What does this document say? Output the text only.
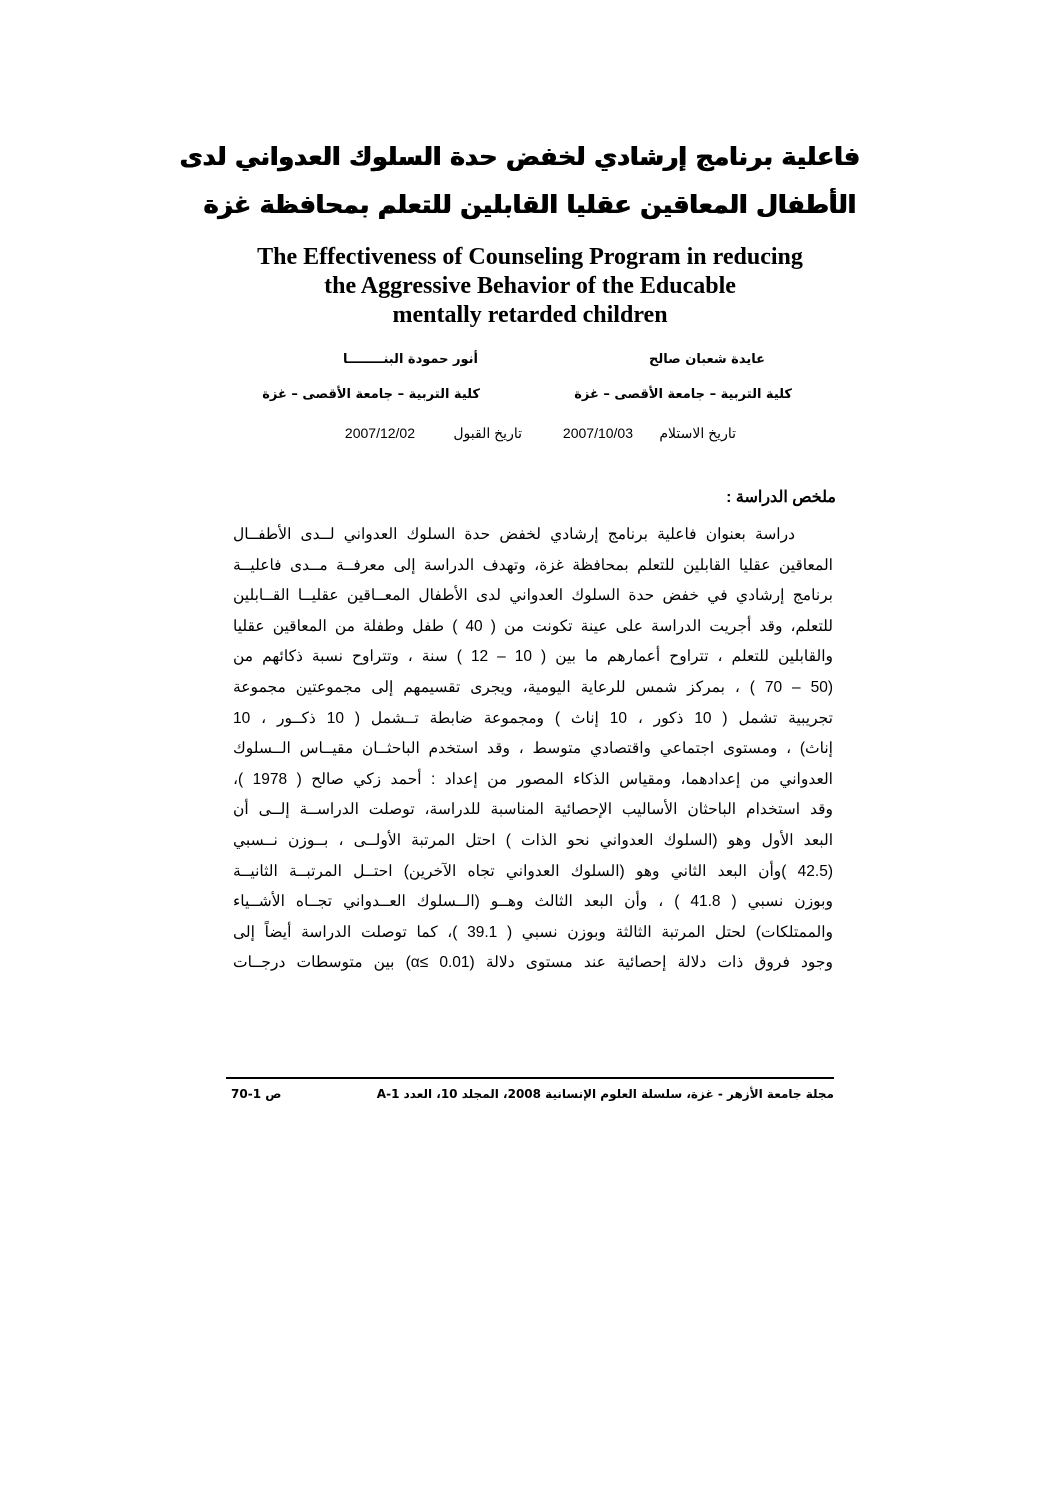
فاعلية برنامج إرشادي لخفض حدة السلوك العدواني لدى
الأطفال المعاقين عقليا القابلين للتعلم بمحافظة غزة
The Effectiveness of Counseling Program in reducing
the Aggressive Behavior of the Educable
mentally retarded children
عايدة شعبان صالح
أنور حمودة البنــــــــا
كلية التربية – جامعة الأقصى – غزة
كلية التربية – جامعة الأقصى – غزة
تاريخ الاستلام
2007/10/03
تاريخ القبول
2007/12/02
ملخص الدراسة :
دراسة بعنوان فاعلية برنامج إرشادي لخفض حدة السلوك العدواني لــدى الأطفــال
المعاقين عقليا القابلين للتعلم بمحافظة غزة، وتهدف الدراسة إلى معرفــة مــدى فاعليــة
برنامج إرشادي في خفض حدة السلوك العدواني لدى الأطفال المعــاقين عقليــا القــابلين
للتعلم، وقد أجريت الدراسة على عينة تكونت من ( 40 ) طفل وطفلة من المعاقين عقليا
والقابلين للتعلم ، تتراوح أعمارهم ما بين ( 10 – 12 ) سنة ، وتتراوح نسبة ذكائهم من
(50 – 70 ) ، بمركز شمس للرعاية اليومية، ويجرى تقسيمهم إلى مجموعتين مجموعة
تجريبية تشمل ( 10 ذكور ، 10 إناث ) ومجموعة ضابطة تــشمل ( 10 ذكــور ، 10
إناث) ، ومستوى اجتماعي واقتصادي متوسط ، وقد استخدم الباحثــان مقيــاس الــسلوك
العدواني من إعدادهما، ومقياس الذكاء المصور من إعداد : أحمد زكي صالح ( 1978 )،
وقد استخدام الباحثان الأساليب الإحصائية المناسبة للدراسة، توصلت الدراســة إلــى أن
البعد الأول وهو (السلوك العدواني نحو الذات ) احتل المرتبة الأولــى ، بــوزن نــسبي
(42.5 )وأن البعد الثاني وهو (السلوك العدواني تجاه الآخرين) احتــل المرتبــة الثانيــة
وبوزن نسبي ( 41.8 ) ، وأن البعد الثالث وهــو (الــسلوك العــدواني تجــاه الأشــياء
والممتلكات) لحتل المرتبة الثالثة وبوزن نسبي ( 39.1 )، كما توصلت الدراسة أيضاً إلى
وجود فروق ذات دلالة إحصائية عند مستوى دلالة (0.01 ≥α) بين متوسطات درجــات
مجلة جامعة الأزهر - غزة، سلسلة العلوم الإنسانية 2008، المجلد 10، العدد A-1
ص 1-70
